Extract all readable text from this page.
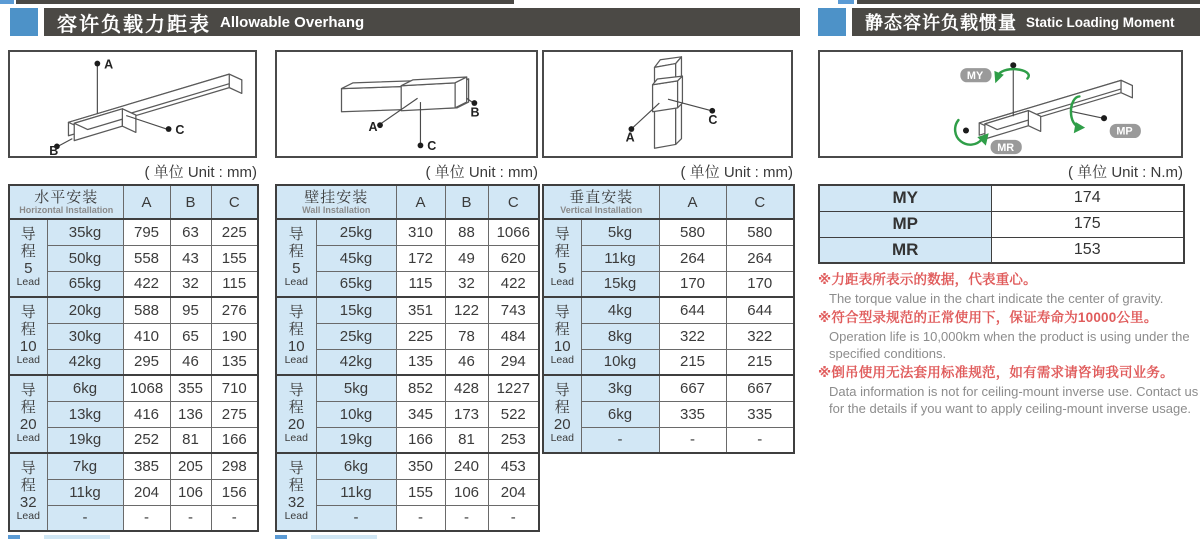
容许负载力距表 Allowable Overhang	静态容许负载惯量 Static Loading Moment
A
C
B
B
A
C
A
C
MY
MP
MR
( 单位 Unit : mm)	( 单位 Unit : mm)	( 单位 Unit : mm)	( 单位 Unit : N.m)
水平安装
Horizontal Installation		A	B	C

导
程
5
Lead	35kg	795	63	225
	50kg	558	43	155
	65kg	422	32	115

导
程
10
Lead	20kg	588	95	276
	30kg	410	65	190
	42kg	295	46	135

导
程
20
Lead	6kg	1068	355	710
	13kg	416	136	275
	19kg	252	81	166

导
程
32
Lead	7kg	385	205	298
	11kg	204	106	156
	-	-	-	-
壁挂安装
Wall Installation		A	B	C

导
程
5
Lead	25kg	310	88	1066
	45kg	172	49	620
	65kg	115	32	422

导
程
10
Lead	15kg	351	122	743
	25kg	225	78	484
	42kg	135	46	294

导
程
20
Lead	5kg	852	428	1227
	10kg	345	173	522
	19kg	166	81	253

导
程
32
Lead	6kg	350	240	453
	11kg	155	106	204
	-	-	-	-
垂直安装
Vertical Installation		A	C

导
程
5
Lead	5kg	580	580
	11kg	264	264
	15kg	170	170

导
程
10
Lead	4kg	644	644
	8kg	322	322
	10kg	215	215

导
程
20
Lead	3kg	667	667
	6kg	335	335
	-	-	-
MY	174
MP	175
MR	153
※力距表所表示的数据，代表重心。
The torque value in the chart indicate the center of gravity.
※符合型录规范的正常使用下，保证寿命为10000公里。
Operation life is 10,000km when the product is using under the specified conditions.
※倒吊使用无法套用标准规范，如有需求请咨询我司业务。
Data information is not for ceiling-mount inverse use. Contact us for the details if you want to apply ceiling-mount inverse usage.
